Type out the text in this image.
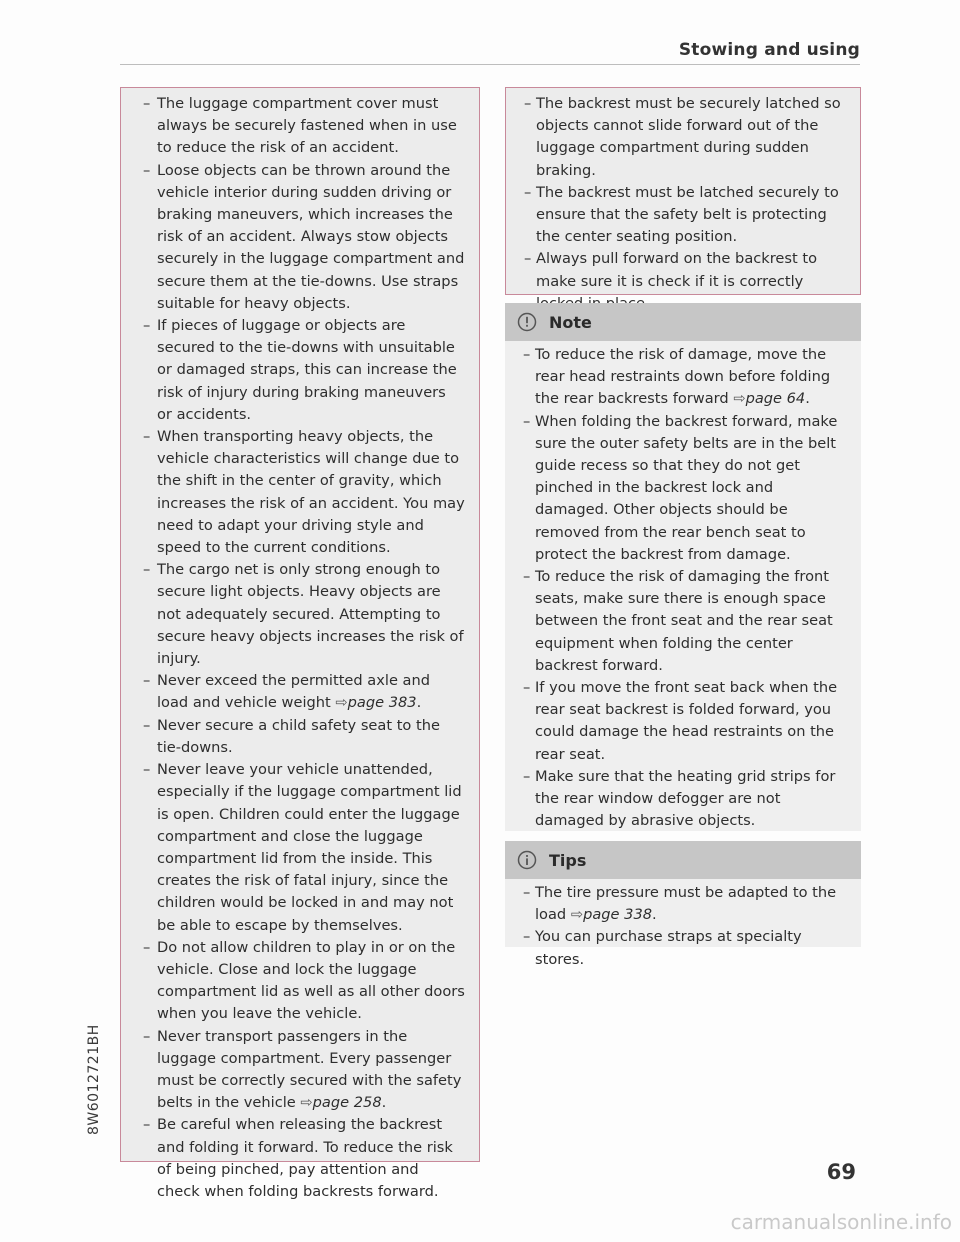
Stowing and using
– The luggage compartment cover must always be securely fastened when in use to reduce the risk of an accident.
– Loose objects can be thrown around the vehicle interior during sudden driving or braking maneuvers, which increases the risk of an accident. Always stow objects securely in the luggage compartment and secure them at the tie-downs. Use straps suitable for heavy objects.
– If pieces of luggage or objects are secured to the tie-downs with unsuitable or damaged straps, this can increase the risk of injury during braking maneuvers or accidents.
– When transporting heavy objects, the vehicle characteristics will change due to the shift in the center of gravity, which increases the risk of an accident. You may need to adapt your driving style and speed to the current conditions.
– The cargo net is only strong enough to secure light objects. Heavy objects are not adequately secured. Attempting to secure heavy objects increases the risk of injury.
– Never exceed the permitted axle and load and vehicle weight ⇨page 383.
– Never secure a child safety seat to the tie-downs.
– Never leave your vehicle unattended, especially if the luggage compartment lid is open. Children could enter the luggage compartment and close the luggage compartment lid from the inside. This creates the risk of fatal injury, since the children would be locked in and may not be able to escape by themselves.
– Do not allow children to play in or on the vehicle. Close and lock the luggage compartment lid as well as all other doors when you leave the vehicle.
– Never transport passengers in the luggage compartment. Every passenger must be correctly secured with the safety belts in the vehicle ⇨page 258.
– Be careful when releasing the backrest and folding it forward. To reduce the risk of being pinched, pay attention and check when folding backrests forward.
– The backrest must be securely latched so objects cannot slide forward out of the luggage compartment during sudden braking.
– The backrest must be latched securely to ensure that the safety belt is protecting the center seating position.
– Always pull forward on the backrest to make sure it is check if it is correctly
Note
– To reduce the risk of damage, move the rear head restraints down before folding the rear backrests forward ⇨page 64.
– When folding the backrest forward, make sure the outer safety belts are in the belt guide recess so that they do not get pinched in the backrest lock and damaged. Other objects should be removed from the rear bench seat to protect the backrest from damage.
– To reduce the risk of damaging the front seats, make sure there is enough space between the front seat and the rear seat equipment when folding the center backrest forward.
– If you move the front seat back when the rear seat backrest is folded forward, you could damage the head restraints on the rear seat.
– Make sure that the heating grid strips for the rear window defogger are not damaged by abrasive objects.
Tips
– The tire pressure must be adapted to the load ⇨page 338.
– You can purchase straps at specialty stores.
8W6012721BH
69
carmanualsonline.info
